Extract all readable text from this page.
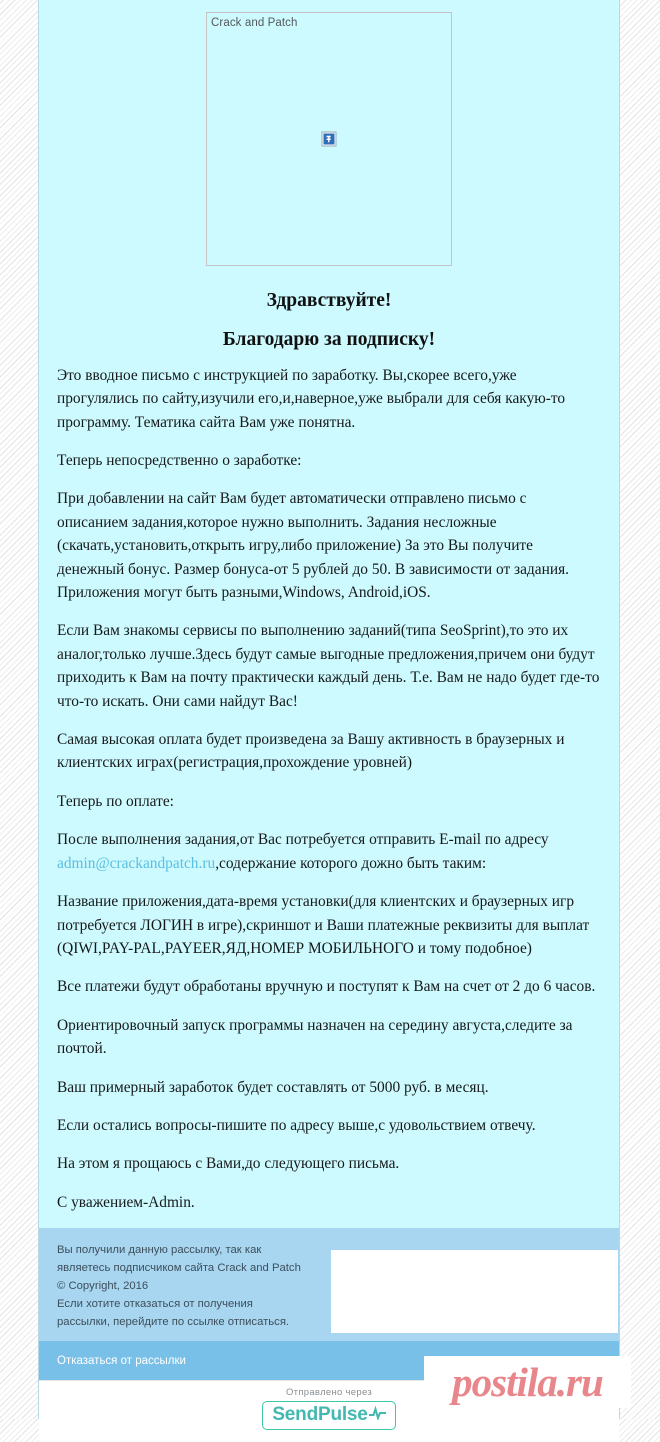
Crack and Patch
Здравствуйте!
Благодарю за подписку!

Это вводное письмо с инструкцией по заработку. Вы,скорее всего,уже прогулялись по сайту,изучили его,и,наверное,уже выбрали для себя какую-то программу. Тематика сайта Вам уже понятна.

Теперь непосредственно о заработке:

При добавлении на сайт Вам будет автоматически отправлено письмо с описанием задания,которое нужно выполнить. Задания несложные (скачать,установить,открыть игру,либо приложение) За это Вы получите денежный бонус. Размер бонуса-от 5 рублей до 50. В зависимости от задания. Приложения могут быть разными,Windows, Android,iOS.

Если Вам знакомы сервисы по выполнению заданий(типа SeoSprint),то это их аналог,только лучше.Здесь будут самые выгодные предложения,причем они будут приходить к Вам на почту практически каждый день. Т.е. Вам не надо будет где-то что-то искать. Они сами найдут Вас!

Самая высокая оплата будет произведена за Вашу активность в браузерных и клиентских играх(регистрация,прохождение уровней)

Теперь по оплате:

После выполнения задания,от Вас потребуется отправить E-mail по адресу admin@crackandpatch.ru,содержание которого дожно быть таким:

Название приложения,дата-время установки(для клиентских и браузерных игр потребуется ЛОГИН в игре),скриншот и Ваши платежные реквизиты для выплат (QIWI,PAY-PAL,PAYEER,ЯД,НОМЕР МОБИЛЬНОГО и тому подобное)

Все платежи будут обработаны вручную и поступят к Вам на счет от 2 до 6 часов.

Ориентировочный запуск программы назначен на середину августа,следите за почтой.

Ваш примерный заработок будет составлять от 5000 руб. в месяц.

Если остались вопросы-пишите по адресу выше,с удовольствием отвечу.

На этом я прощаюсь с Вами,до следующего письма.

С уважением-Admin.

Вы получили данную рассылку, так как
являетесь подписчиком сайта Crack and Patch
© Copyright, 2016
Если хотите отказаться от получения
рассылки, перейдите по ссылке отписаться.
Отказаться от рассылки
Отправлено через
SendPulse
postila.ru
